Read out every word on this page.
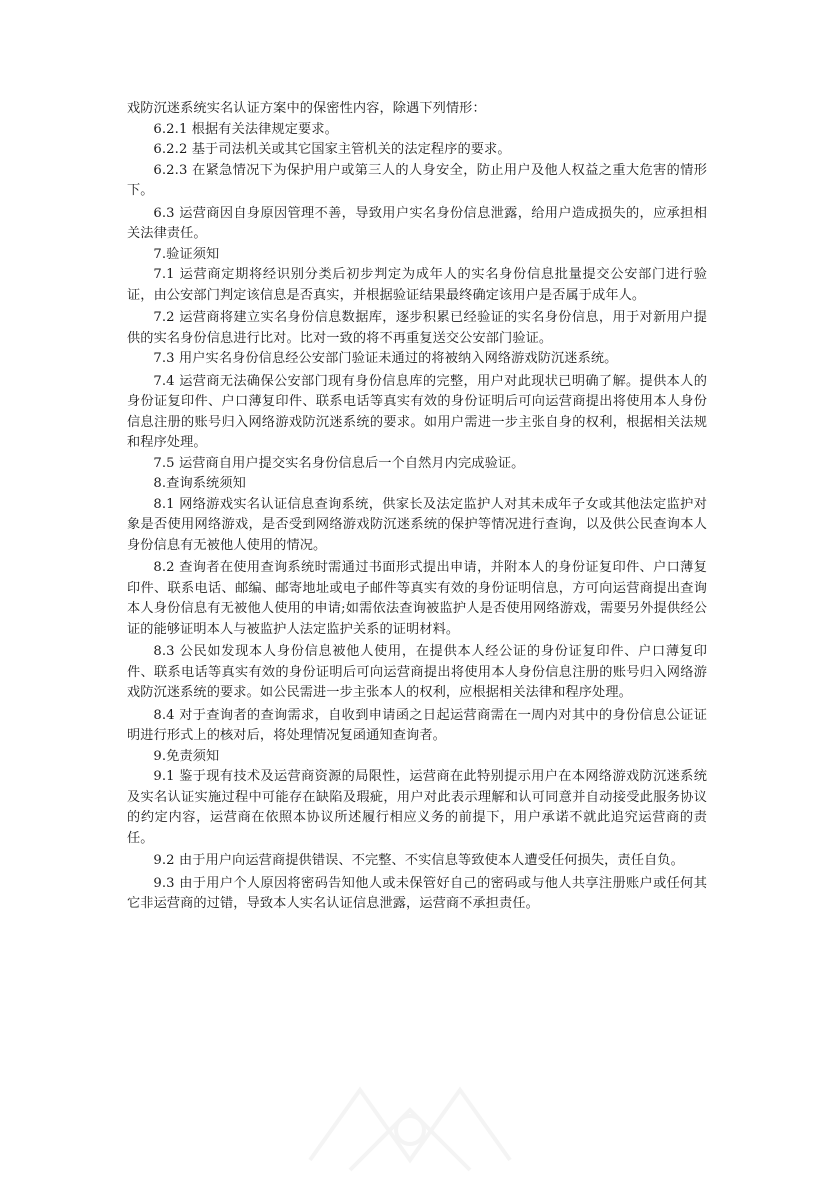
戏防沉迷系统实名认证方案中的保密性内容，除遇下列情形：

6.2.1 根据有关法律规定要求。

6.2.2 基于司法机关或其它国家主管机关的法定程序的要求。

6.2.3 在紧急情况下为保护用户或第三人的人身安全，防止用户及他人权益之重大危害的情形下。

6.3 运营商因自身原因管理不善，导致用户实名身份信息泄露，给用户造成损失的，应承担相关法律责任。

7.验证须知

7.1 运营商定期将经识别分类后初步判定为成年人的实名身份信息批量提交公安部门进行验证，由公安部门判定该信息是否真实，并根据验证结果最终确定该用户是否属于成年人。

7.2 运营商将建立实名身份信息数据库，逐步积累已经验证的实名身份信息，用于对新用户提供的实名身份信息进行比对。比对一致的将不再重复送交公安部门验证。

7.3 用户实名身份信息经公安部门验证未通过的将被纳入网络游戏防沉迷系统。

7.4 运营商无法确保公安部门现有身份信息库的完整，用户对此现状已明确了解。提供本人的身份证复印件、户口薄复印件、联系电话等真实有效的身份证明后可向运营商提出将使用本人身份信息注册的账号归入网络游戏防沉迷系统的要求。如用户需进一步主张自身的权利，根据相关法规和程序处理。

7.5 运营商自用户提交实名身份信息后一个自然月内完成验证。

8.查询系统须知

8.1 网络游戏实名认证信息查询系统，供家长及法定监护人对其未成年子女或其他法定监护对象是否使用网络游戏，是否受到网络游戏防沉迷系统的保护等情况进行查询，以及供公民查询本人身份信息有无被他人使用的情况。

8.2 查询者在使用查询系统时需通过书面形式提出申请，并附本人的身份证复印件、户口薄复印件、联系电话、邮编、邮寄地址或电子邮件等真实有效的身份证明信息，方可向运营商提出查询本人身份信息有无被他人使用的申请;如需依法查询被监护人是否使用网络游戏，需要另外提供经公证的能够证明本人与被监护人法定监护关系的证明材料。

8.3 公民如发现本人身份信息被他人使用，在提供本人经公证的身份证复印件、户口薄复印件、联系电话等真实有效的身份证明后可向运营商提出将使用本人身份信息注册的账号归入网络游戏防沉迷系统的要求。如公民需进一步主张本人的权利，应根据相关法律和程序处理。

8.4 对于查询者的查询需求，自收到申请函之日起运营商需在一周内对其中的身份信息公证证明进行形式上的核对后，将处理情况复函通知查询者。

9.免责须知

9.1 鉴于现有技术及运营商资源的局限性，运营商在此特别提示用户在本网络游戏防沉迷系统及实名认证实施过程中可能存在缺陷及瑕疵，用户对此表示理解和认可同意并自动接受此服务协议的约定内容，运营商在依照本协议所述履行相应义务的前提下，用户承诺不就此追究运营商的责任。

9.2 由于用户向运营商提供错误、不完整、不实信息等致使本人遭受任何损失，责任自负。

9.3 由于用户个人原因将密码告知他人或未保管好自己的密码或与他人共享注册账户或任何其它非运营商的过错，导致本人实名认证信息泄露，运营商不承担责任。
